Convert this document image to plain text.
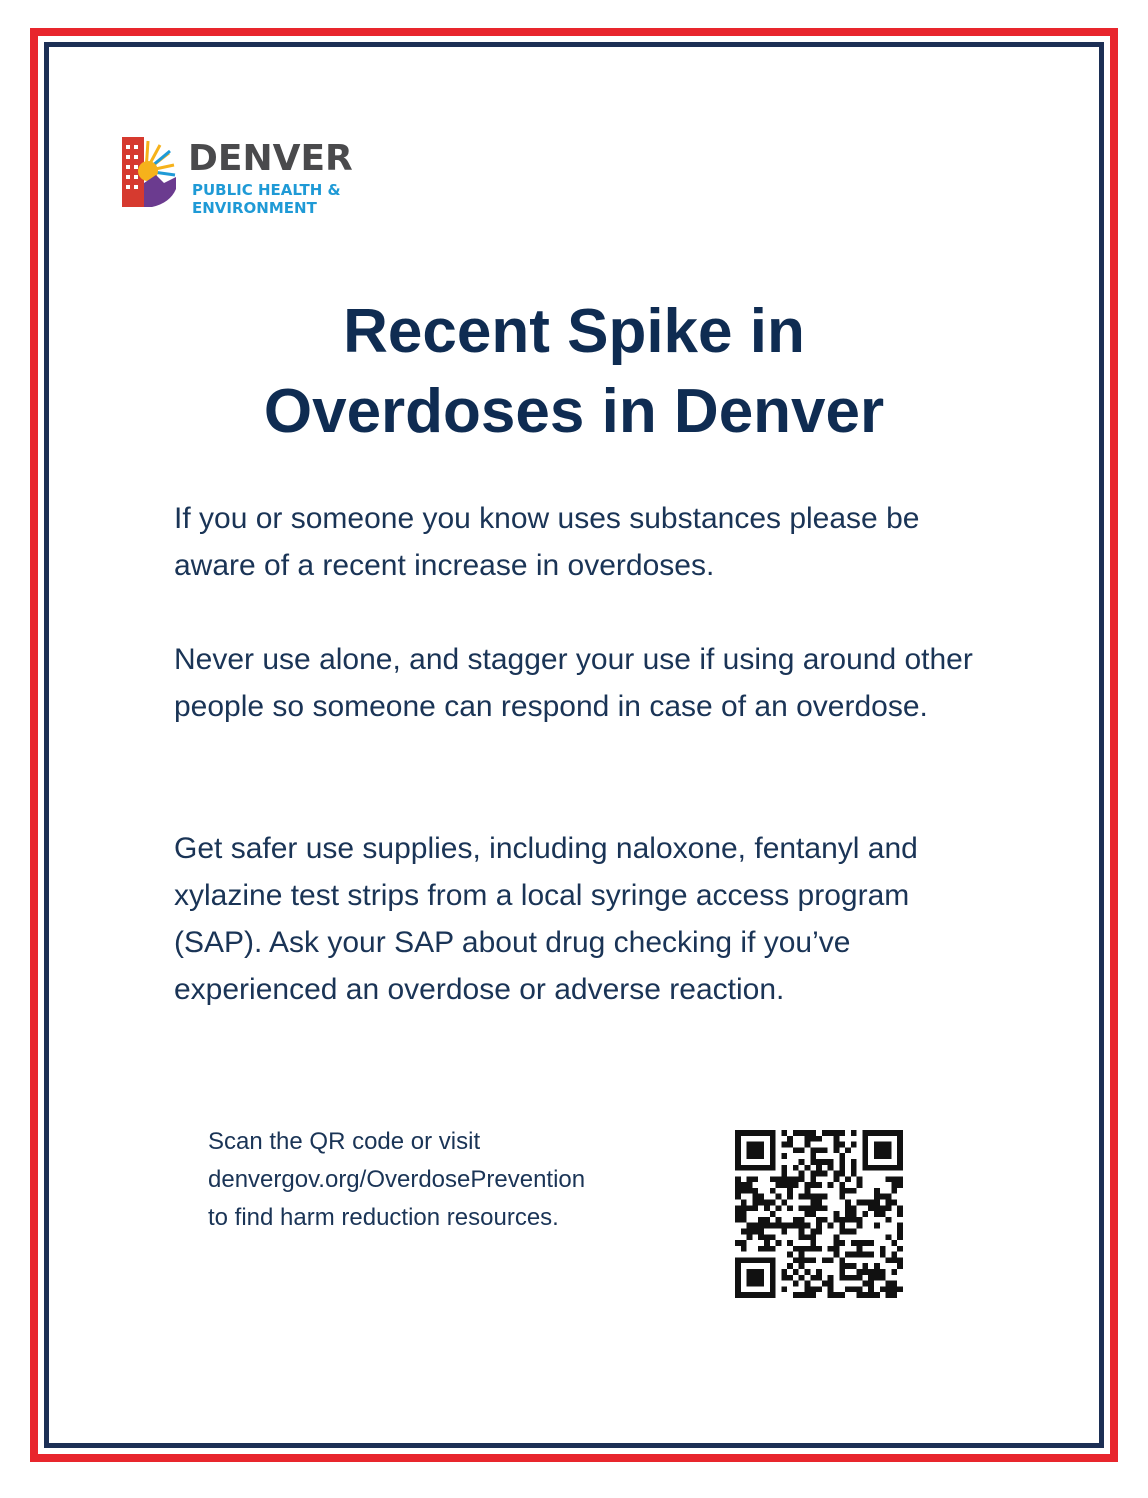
DENVER
PUBLIC HEALTH &
ENVIRONMENT
Recent Spike in
Overdoses in Denver
If you or someone you know uses substances please be aware of a recent increase in overdoses.
Never use alone, and stagger your use if using around other people so someone can respond in case of an overdose.
Get safer use supplies, including naloxone, fentanyl and xylazine test strips from a local syringe access program (SAP). Ask your SAP about drug checking if you’ve experienced an overdose or adverse reaction.
Scan the QR code or visit
denvergov.org/OverdosePrevention
to find harm reduction resources.
